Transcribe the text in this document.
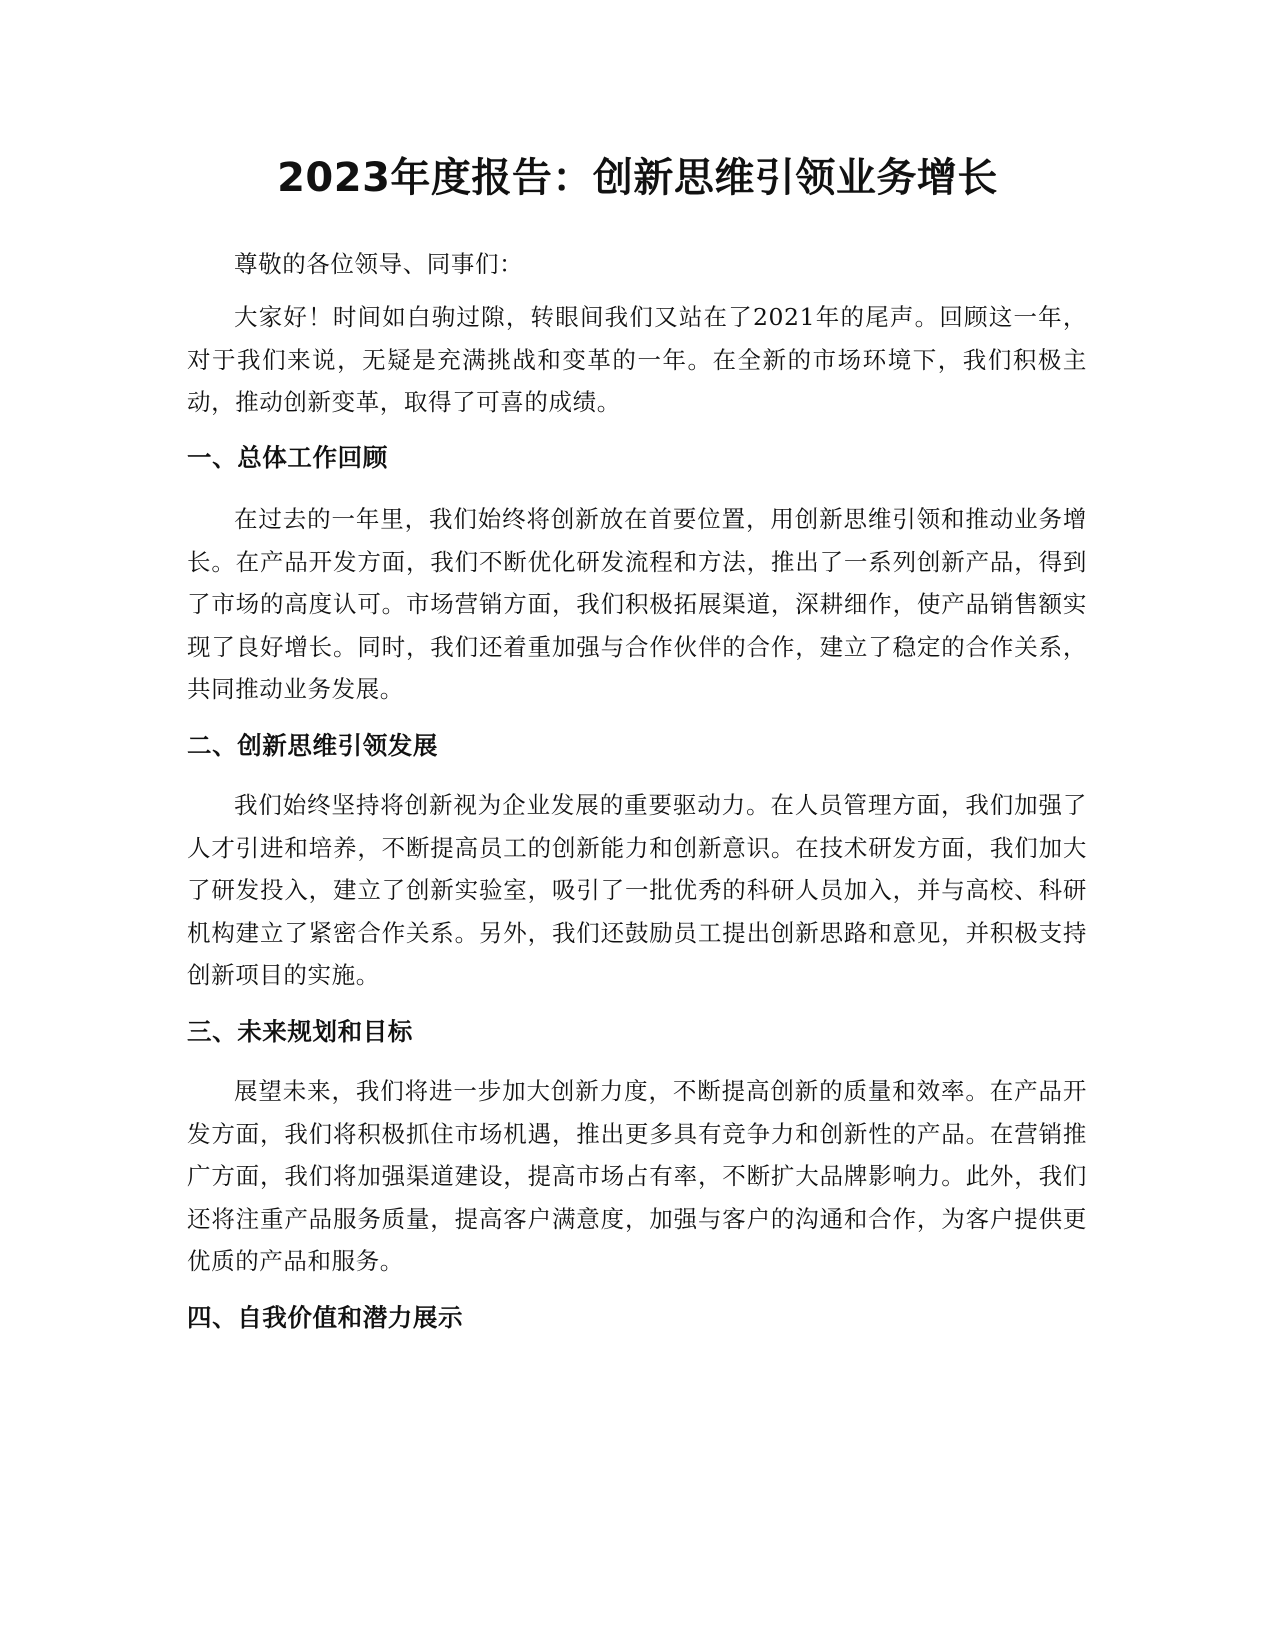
2023年度报告：创新思维引领业务增长

尊敬的各位领导、同事们：

大家好！时间如白驹过隙，转眼间我们又站在了2021年的尾声。回顾这一年，对于我们来说，无疑是充满挑战和变革的一年。在全新的市场环境下，我们积极主动，推动创新变革，取得了可喜的成绩。

一、总体工作回顾

在过去的一年里，我们始终将创新放在首要位置，用创新思维引领和推动业务增长。在产品开发方面，我们不断优化研发流程和方法，推出了一系列创新产品，得到了市场的高度认可。市场营销方面，我们积极拓展渠道，深耕细作，使产品销售额实现了良好增长。同时，我们还着重加强与合作伙伴的合作，建立了稳定的合作关系，共同推动业务发展。

二、创新思维引领发展

我们始终坚持将创新视为企业发展的重要驱动力。在人员管理方面，我们加强了人才引进和培养，不断提高员工的创新能力和创新意识。在技术研发方面，我们加大了研发投入，建立了创新实验室，吸引了一批优秀的科研人员加入，并与高校、科研机构建立了紧密合作关系。另外，我们还鼓励员工提出创新思路和意见，并积极支持创新项目的实施。

三、未来规划和目标

展望未来，我们将进一步加大创新力度，不断提高创新的质量和效率。在产品开发方面，我们将积极抓住市场机遇，推出更多具有竞争力和创新性的产品。在营销推广方面，我们将加强渠道建设，提高市场占有率，不断扩大品牌影响力。此外，我们还将注重产品服务质量，提高客户满意度，加强与客户的沟通和合作，为客户提供更优质的产品和服务。

四、自我价值和潜力展示
